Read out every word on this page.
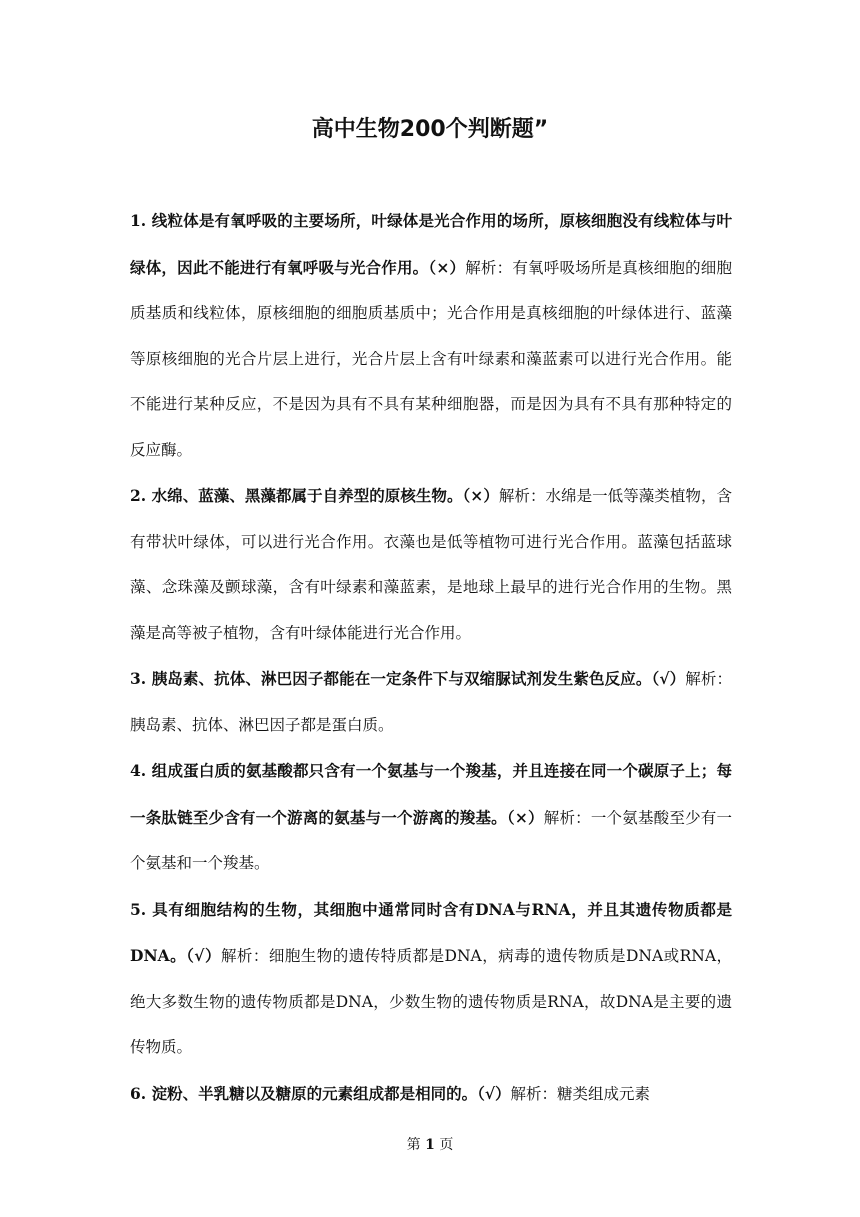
高中生物200个判断题”

1. 线粒体是有氧呼吸的主要场所，叶绿体是光合作用的场所，原核细胞没有线粒体与叶绿体，因此不能进行有氧呼吸与光合作用。（×）解析：有氧呼吸场所是真核细胞的细胞质基质和线粒体，原核细胞的细胞质基质中；光合作用是真核细胞的叶绿体进行、蓝藻等原核细胞的光合片层上进行，光合片层上含有叶绿素和藻蓝素可以进行光合作用。能不能进行某种反应，不是因为具有不具有某种细胞器，而是因为具有不具有那种特定的反应酶。

2. 水绵、蓝藻、黑藻都属于自养型的原核生物。（×）解析：水绵是一低等藻类植物，含有带状叶绿体，可以进行光合作用。衣藻也是低等植物可进行光合作用。蓝藻包括蓝球藻、念珠藻及颤球藻，含有叶绿素和藻蓝素，是地球上最早的进行光合作用的生物。黑藻是高等被子植物，含有叶绿体能进行光合作用。

3. 胰岛素、抗体、淋巴因子都能在一定条件下与双缩脲试剂发生紫色反应。（√）解析：胰岛素、抗体、淋巴因子都是蛋白质。

4. 组成蛋白质的氨基酸都只含有一个氨基与一个羧基，并且连接在同一个碳原子上；每一条肽链至少含有一个游离的氨基与一个游离的羧基。（×）解析：一个氨基酸至少有一个氨基和一个羧基。

5. 具有细胞结构的生物，其细胞中通常同时含有DNA与RNA，并且其遗传物质都是DNA。（√）解析：细胞生物的遗传特质都是DNA，病毒的遗传物质是DNA或RNA，绝大多数生物的遗传物质都是DNA，少数生物的遗传物质是RNA，故DNA是主要的遗传物质。

6. 淀粉、半乳糖以及糖原的元素组成都是相同的。（√）解析：糖类组成元素

第 1 页
